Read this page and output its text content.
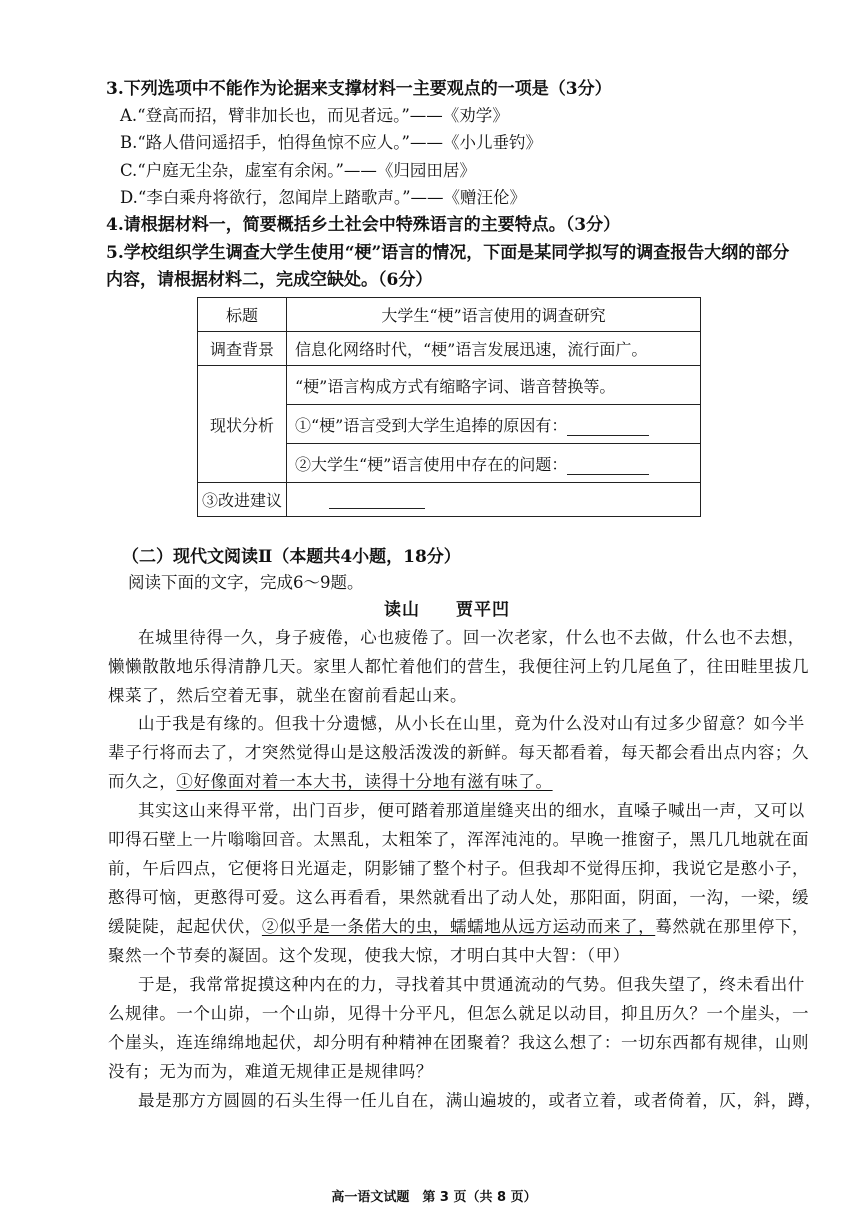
3.下列选项中不能作为论据来支撑材料一主要观点的一项是（3分）
A.“登高而招，臂非加长也，而见者远。”——《劝学》
B.“路人借问遥招手，怕得鱼惊不应人。”——《小儿垂钓》
C.“户庭无尘杂，虚室有余闲。”——《归园田居》
D.“李白乘舟将欲行，忽闻岸上踏歌声。”——《赠汪伦》
4.请根据材料一，简要概括乡土社会中特殊语言的主要特点。（3分）
5.学校组织学生调查大学生使用“梗”语言的情况，下面是某同学拟写的调查报告大纲的部分
内容，请根据材料二，完成空缺处。（6分）
标题	大学生“梗”语言使用的调查研究
调查背景	信息化网络时代，“梗”语言发展迅速，流行面广。
现状分析	“梗”语言构成方式有缩略字词、谐音替换等。
	①“梗”语言受到大学生追捧的原因有：
	②大学生“梗”语言使用中存在的问题：
③改进建议	
（二）现代文阅读Ⅱ（本题共4小题，18分）
阅读下面的文字，完成6～9题。
读山　　贾平凹
在城里待得一久，身子疲倦，心也疲倦了。回一次老家，什么也不去做，什么也不去想，
懒懒散散地乐得清静几天。家里人都忙着他们的营生，我便往河上钓几尾鱼了，往田畦里拔几
棵菜了，然后空着无事，就坐在窗前看起山来。
山于我是有缘的。但我十分遗憾，从小长在山里，竟为什么没对山有过多少留意？如今半
辈子行将而去了，才突然觉得山是这般活泼泼的新鲜。每天都看着，每天都会看出点内容；久
而久之，①好像面对着一本大书，读得十分地有滋有味了。
其实这山来得平常，出门百步，便可踏着那道崖缝夹出的细水，直嗓子喊出一声，又可以
叩得石壁上一片嗡嗡回音。太黑乱，太粗笨了，浑浑沌沌的。早晚一推窗子，黑几几地就在面
前，午后四点，它便将日光逼走，阴影铺了整个村子。但我却不觉得压抑，我说它是憨小子，
憨得可恼，更憨得可爱。这么再看看，果然就看出了动人处，那阳面，阴面，一沟，一梁，缓
缓陡陡，起起伏伏，②似乎是一条偌大的虫，蠕蠕地从远方运动而来了，蓦然就在那里停下，
聚然一个节奏的凝固。这个发现，使我大惊，才明白其中大智：（甲）
于是，我常常捉摸这种内在的力，寻找着其中贯通流动的气势。但我失望了，终未看出什
么规律。一个山峁，一个山峁，见得十分平凡，但怎么就足以动目，抑且历久？一个崖头，一
个崖头，连连绵绵地起伏，却分明有种精神在团聚着？我这么想了：一切东西都有规律，山则
没有；无为而为，难道无规律正是规律吗？
最是那方方圆圆的石头生得一任儿自在，满山遍坡的，或者立着，或者倚着，仄，斜，蹲，
高一语文试题　第 3 页（共 8 页）
